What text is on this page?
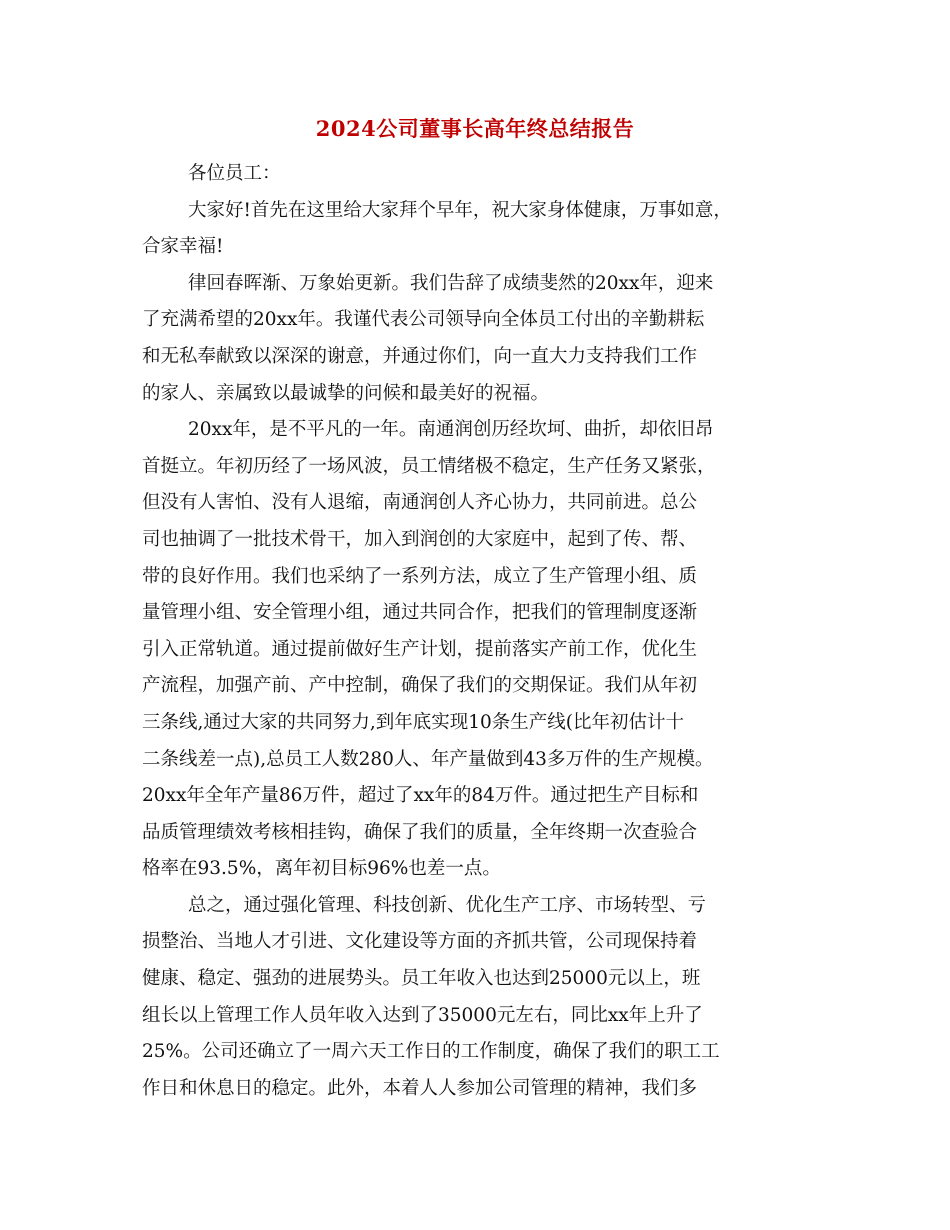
2024公司董事长高年终总结报告
各位员工：
大家好!首先在这里给大家拜个早年，祝大家身体健康，万事如意，
合家幸福!
律回春晖渐、万象始更新。我们告辞了成绩斐然的20xx年，迎来
了充满希望的20xx年。我谨代表公司领导向全体员工付出的辛勤耕耘
和无私奉献致以深深的谢意，并通过你们，向一直大力支持我们工作
的家人、亲属致以最诚挚的问候和最美好的祝福。
20xx年，是不平凡的一年。南通润创历经坎坷、曲折，却依旧昂
首挺立。年初历经了一场风波，员工情绪极不稳定，生产任务又紧张，
但没有人害怕、没有人退缩，南通润创人齐心协力，共同前进。总公
司也抽调了一批技术骨干，加入到润创的大家庭中，起到了传、帮、
带的良好作用。我们也采纳了一系列方法，成立了生产管理小组、质
量管理小组、安全管理小组，通过共同合作，把我们的管理制度逐渐
引入正常轨道。通过提前做好生产计划，提前落实产前工作，优化生
产流程，加强产前、产中控制，确保了我们的交期保证。我们从年初
三条线,通过大家的共同努力,到年底实现10条生产线(比年初估计十
二条线差一点),总员工人数280人、年产量做到43多万件的生产规模。
20xx年全年产量86万件，超过了xx年的84万件。通过把生产目标和
品质管理绩效考核相挂钩，确保了我们的质量，全年终期一次查验合
格率在93.5%，离年初目标96%也差一点。
总之，通过强化管理、科技创新、优化生产工序、市场转型、亏
损整治、当地人才引进、文化建设等方面的齐抓共管，公司现保持着
健康、稳定、强劲的进展势头。员工年收入也达到25000元以上，班
组长以上管理工作人员年收入达到了35000元左右，同比xx年上升了
25%。公司还确立了一周六天工作日的工作制度，确保了我们的职工工
作日和休息日的稳定。此外，本着人人参加公司管理的精神，我们多
